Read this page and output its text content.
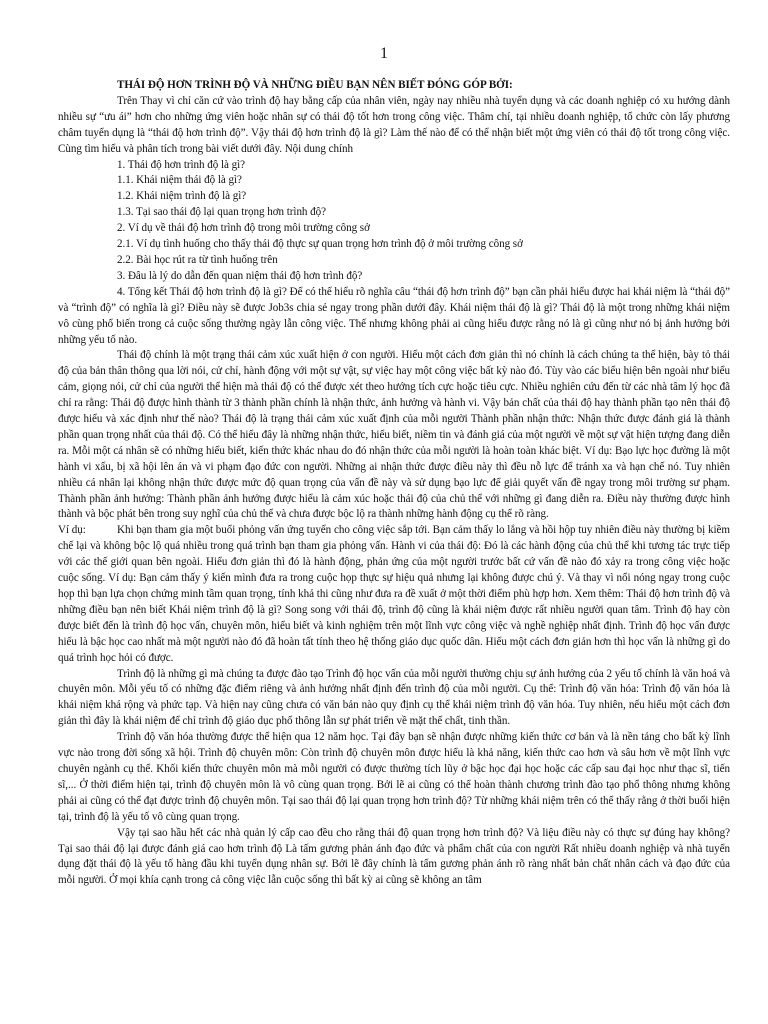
1

THÁI ĐỘ HƠN TRÌNH ĐỘ VÀ NHỮNG ĐIỀU BẠN NÊN BIẾT ĐÓNG GÓP BỞI:

Trên Thay vì chỉ căn cứ vào trình độ hay bằng cấp của nhân viên, ngày nay nhiều nhà tuyển dụng và các doanh nghiệp có xu hướng dành nhiều sự “ưu ái” hơn cho những ứng viên hoặc nhân sự có thái độ tốt hơn trong công việc. Thâm chí, tại nhiều doanh nghiệp, tổ chức còn lấy phương châm tuyển dụng là “thái độ hơn trình độ”. Vậy thái độ hơn trình độ là gì? Làm thế nào để có thể nhận biết một ứng viên có thái độ tốt trong công việc. Cùng tìm hiểu và phân tích trong bài viết dưới đây. Nội dung chính

1. Thái độ hơn trình độ là gì?

1.1. Khái niệm thái độ là gì?

1.2. Khái niệm trình độ là gì?

1.3. Tại sao thái độ lại quan trọng hơn trình độ?

2. Ví dụ về thái độ hơn trình độ trong môi trường công sở

2.1. Ví dụ tình huống cho thấy thái độ thực sự quan trọng hơn trình độ ở môi trường công sở

2.2. Bài học rút ra từ tình huống trên

3. Đâu là lý do dẫn đến quan niệm thái độ hơn trình độ?

4. Tổng kết Thái độ hơn trình độ là gì? Để có thể hiểu rõ nghĩa câu “thái độ hơn trình độ” bạn cần phải hiểu được hai khái niệm là “thái độ” và “trình độ” có nghĩa là gì? Điều này sẽ được Job3s chia sẻ ngay trong phần dưới đây. Khái niệm thái độ là gì? Thái độ là một trong những khái niệm vô cùng phổ biến trong cả cuộc sống thường ngày lẫn công việc. Thế nhưng không phải ai cũng hiểu được rằng nó là gì cũng như nó bị ảnh hưởng bởi những yếu tố nào.

Thái độ chính là một trạng thái cảm xúc xuất hiện ở con người. Hiểu một cách đơn giản thì nó chính là cách chúng ta thể hiện, bày tỏ thái độ của bản thân thông qua lời nói, cử chỉ, hành động với một sự vật, sự việc hay một công việc bất kỳ nào đó. Tùy vào các biểu hiện bên ngoài như biểu cảm, giọng nói, cử chỉ của người thể hiện mà thái độ có thể được xét theo hướng tích cực hoặc tiêu cực. Nhiều nghiên cứu đến từ các nhà tâm lý học đã chỉ ra rằng: Thái độ được hình thành từ 3 thành phần chính là nhận thức, ảnh hưởng và hành vi. Vậy bản chất của thái độ hay thành phần tạo nên thái độ được hiểu và xác định như thế nào? Thái độ là trạng thái cảm xúc xuất định của mỗi người Thành phần nhận thức: Nhận thức được đánh giá là thành phần quan trọng nhất của thái độ. Có thể hiểu đây là những nhận thức, hiểu biết, niềm tin và đánh giá của một người về một sự vật hiện tượng đang diễn ra. Mỗi một cá nhân sẽ có những hiểu biết, kiến thức khác nhau do đó nhận thức của mỗi người là hoàn toàn khác biệt. Ví dụ: Bạo lực học đường là một hành vi xấu, bị xã hội lên án và vi phạm đạo đức con người. Những ai nhận thức được điều này thì đều nỗ lực để tránh xa và hạn chế nó. Tuy nhiên nhiều cá nhân lại không nhận thức được mức độ quan trọng của vấn đề này và sử dụng bạo lực để giải quyết vấn đề ngay trong môi trường sư phạm. Thành phần ảnh hưởng: Thành phần ảnh hưởng được hiểu là cảm xúc hoặc thái độ của chủ thể với những gì đang diễn ra. Điều này thường được hình thành và bộc phát bên trong suy nghĩ của chủ thể và chưa được bộc lộ ra thành những hành động cụ thể rõ ràng.

Ví dụ:	Khi bạn tham gia một buổi phỏng vấn ứng tuyển cho công việc sắp tới. Bạn cảm thấy lo lắng và hồi hộp tuy nhiên điều này thường bị kiềm chế lại và không bộc lộ quá nhiều trong quá trình bạn tham gia phỏng vấn. Hành vi của thái độ: Đó là các hành động của chủ thể khi tương tác trực tiếp với các thế giới quan bên ngoài. Hiểu đơn giản thì đó là hành động, phản ứng của một người trước bất cứ vấn đề nào đó xảy ra trong công việc hoặc cuộc sống. Ví dụ: Bạn cảm thấy ý kiến mình đưa ra trong cuộc họp thực sự hiệu quả nhưng lại không được chú ý. Và thay vì nổi nóng ngay trong cuộc họp thì bạn lựa chọn chứng minh tầm quan trọng, tính khả thi cũng như đưa ra đề xuất ở một thời điểm phù hợp hơn. Xem thêm: Thái độ hơn trình độ và những điều bạn nên biết Khái niệm trình độ là gì? Song song với thái độ, trình độ cũng là khái niệm được rất nhiều người quan tâm. Trình độ hay còn được biết đến là trình độ học vấn, chuyên môn, hiểu biết và kinh nghiệm trên một lĩnh vực công việc và nghề nghiệp nhất định. Trình độ học vấn được hiểu là bậc học cao nhất mà một người nào đó đã hoàn tất tính theo hệ thống giáo dục quốc dân. Hiểu một cách đơn giản hơn thì học vấn là những gì do quá trình học hỏi có được.

Trình độ là những gì mà chúng ta được đào tạo Trình độ học vấn của mỗi người thường chịu sự ảnh hưởng của 2 yếu tố chính là văn hoá và chuyên môn. Mỗi yếu tố có những đặc điểm riêng và ảnh hưởng nhất định đến trình độ của mỗi người. Cụ thể: Trình độ văn hóa: Trình độ văn hóa là khái niệm khá rộng và phức tạp. Và hiện nay cũng chưa có văn bản nào quy định cụ thể khái niệm trình độ văn hóa. Tuy nhiên, nếu hiểu một cách đơn giản thì đây là khái niệm để chỉ trình độ giáo dục phổ thông lẫn sự phát triển về mặt thể chất, tinh thần.

Trình độ văn hóa thường được thể hiện qua 12 năm học. Tại đây bạn sẽ nhận được những kiến thức cơ bản và là nền tảng cho bất kỳ lĩnh vực nào trong đời sống xã hội. Trình độ chuyên môn: Còn trình độ chuyên môn được hiểu là khả năng, kiến thức cao hơn và sâu hơn về một lĩnh vực chuyên ngành cụ thể. Khối kiến thức chuyên môn mà mỗi người có được thường tích lũy ở bậc học đại học hoặc các cấp sau đại học như thạc sĩ, tiến sĩ,... Ở thời điểm hiện tại, trình độ chuyên môn là vô cùng quan trọng. Bởi lẽ ai cũng có thể hoàn thành chương trình đào tạo phổ thông nhưng không phải ai cũng có thể đạt được trình độ chuyên môn. Tại sao thái độ lại quan trọng hơn trình độ? Từ những khái niệm trên có thể thấy rằng ở thời buổi hiện tại, trình độ là yếu tố vô cùng quan trọng.

Vậy tại sao hầu hết các nhà quản lý cấp cao đều cho rằng thái độ quan trọng hơn trình độ? Và liệu điều này có thực sự đúng hay không? Tại sao thái độ lại được đánh giá cao hơn trình độ Là tấm gương phản ánh đạo đức và phẩm chất của con người Rất nhiều doanh nghiệp và nhà tuyển dụng đặt thái độ là yếu tố hàng đầu khi tuyển dụng nhân sự. Bởi lẽ đây chính là tấm gương phản ánh rõ ràng nhất bản chất nhân cách và đạo đức của mỗi người. Ở mọi khía cạnh trong cả công việc lẫn cuộc sống thì bất kỳ ai cũng sẽ không an tâm
